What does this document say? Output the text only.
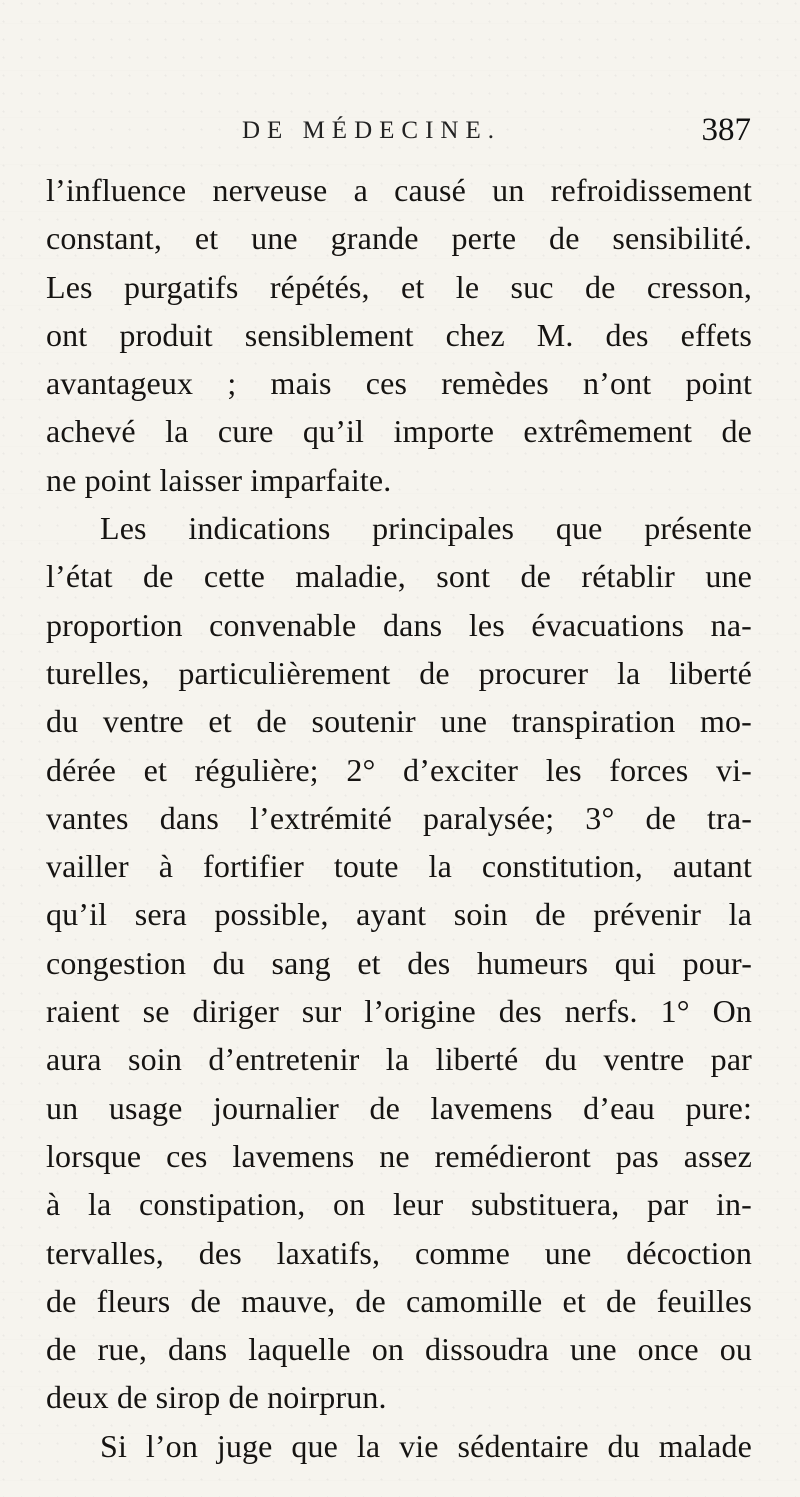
DE MÉDECINE.	387
l’influence nerveuse a causé un refroidissement
constant, et une grande perte de sensibilité.
Les purgatifs répétés, et le suc de cresson,
ont produit sensiblement chez M. des effets
avantageux ; mais ces remèdes n’ont point
achevé la cure qu’il importe extrêmement de
ne point laisser imparfaite.
Les indications principales que présente
l’état de cette maladie, sont de rétablir une
proportion convenable dans les évacuations na-
turelles, particulièrement de procurer la liberté
du ventre et de soutenir une transpiration mo-
dérée et régulière; 2° d’exciter les forces vi-
vantes dans l’extrémité paralysée; 3° de tra-
vailler à fortifier toute la constitution, autant
qu’il sera possible, ayant soin de prévenir la
congestion du sang et des humeurs qui pour-
raient se diriger sur l’origine des nerfs. 1° On
aura soin d’entretenir la liberté du ventre par
un usage journalier de lavemens d’eau pure:
lorsque ces lavemens ne remédieront pas assez
à la constipation, on leur substituera, par in-
tervalles, des laxatifs, comme une décoction
de fleurs de mauve, de camomille et de feuilles
de rue, dans laquelle on dissoudra une once ou
deux de sirop de noirprun.
Si l’on juge que la vie sédentaire du malade
